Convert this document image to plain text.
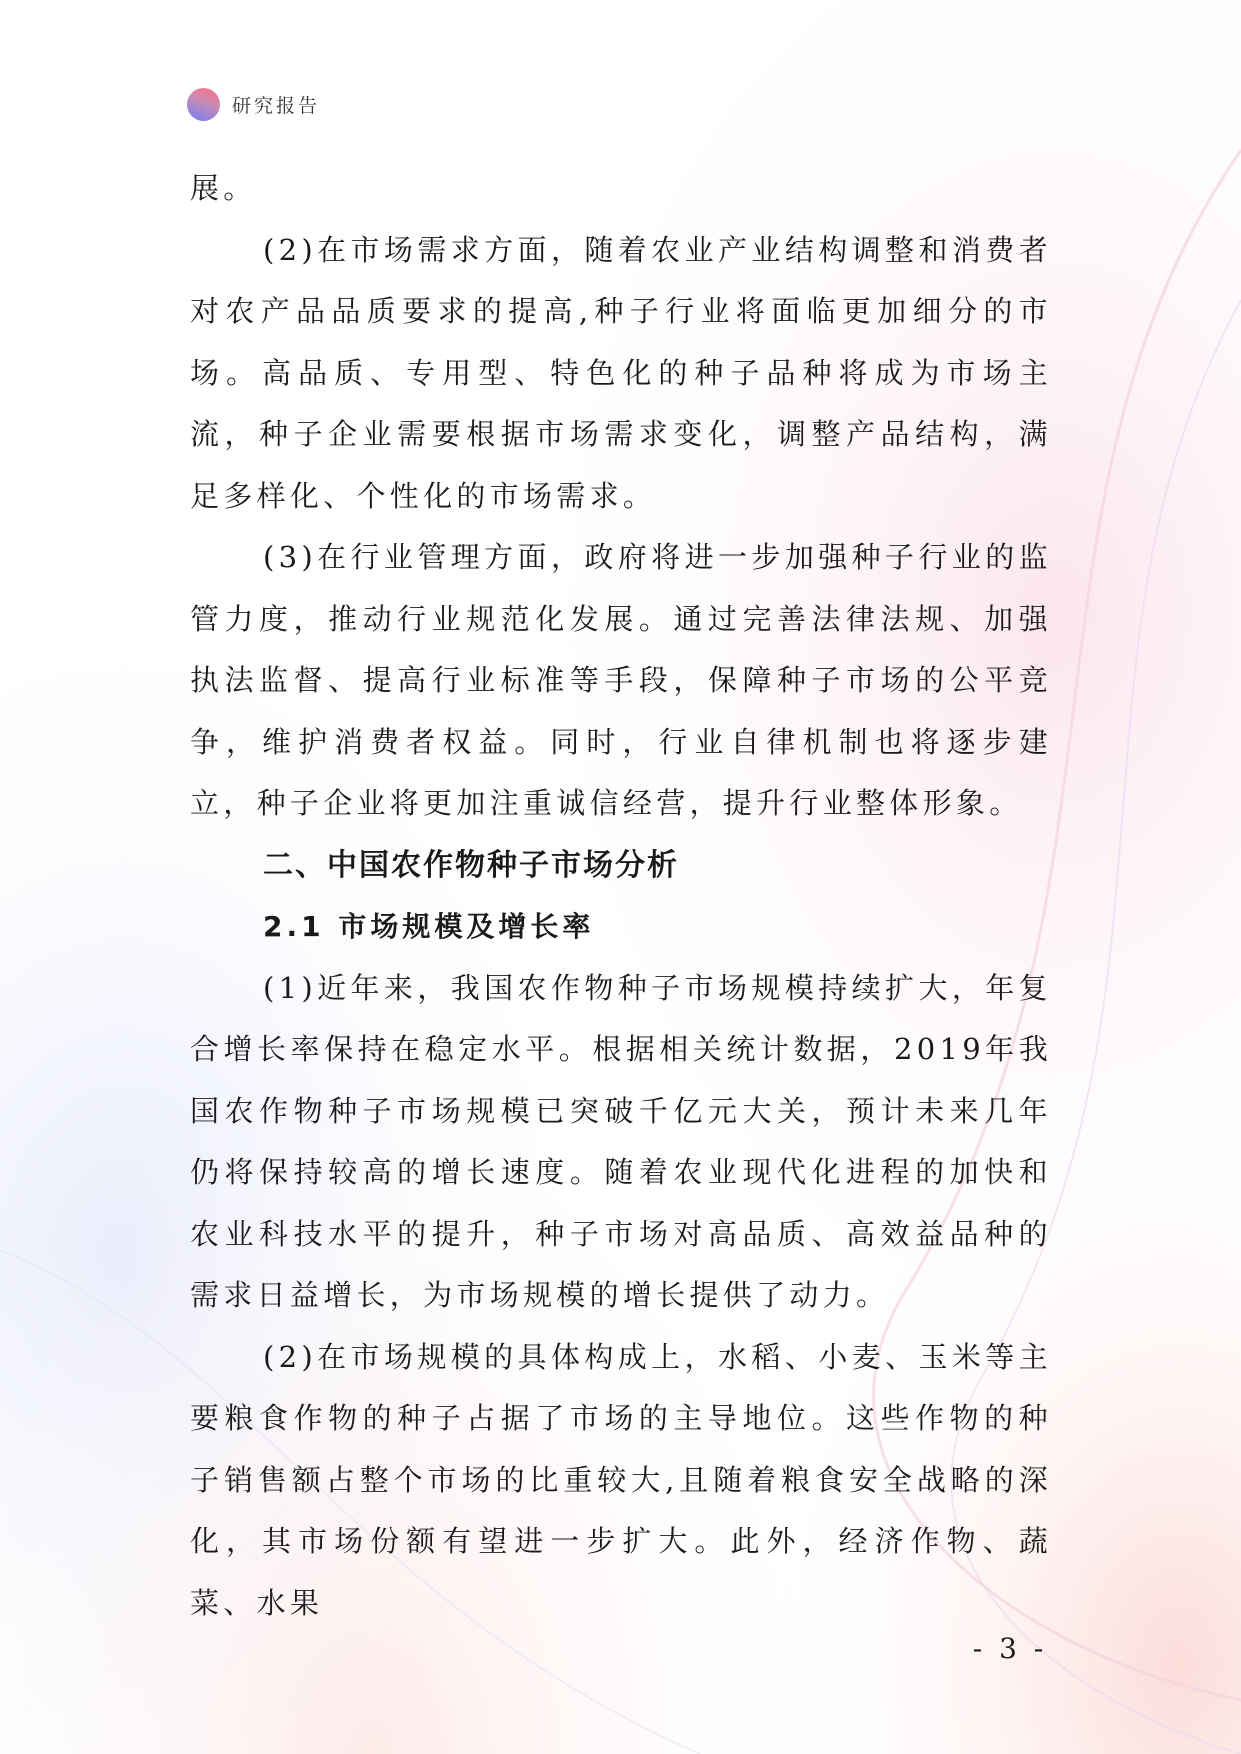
研究报告

展。

(2)在市场需求方面，随着农业产业结构调整和消费者对农产品品质要求的提高,种子行业将面临更加细分的市场。高品质、专用型、特色化的种子品种将成为市场主流，种子企业需要根据市场需求变化，调整产品结构，满足多样化、个性化的市场需求。

(3)在行业管理方面，政府将进一步加强种子行业的监管力度，推动行业规范化发展。通过完善法律法规、加强执法监督、提高行业标准等手段，保障种子市场的公平竞争，维护消费者权益。同时，行业自律机制也将逐步建立，种子企业将更加注重诚信经营，提升行业整体形象。

二、中国农作物种子市场分析
2.1 市场规模及增长率

(1)近年来，我国农作物种子市场规模持续扩大，年复合增长率保持在稳定水平。根据相关统计数据，2019年我国农作物种子市场规模已突破千亿元大关，预计未来几年仍将保持较高的增长速度。随着农业现代化进程的加快和农业科技水平的提升，种子市场对高品质、高效益品种的需求日益增长，为市场规模的增长提供了动力。

(2)在市场规模的具体构成上，水稻、小麦、玉米等主要粮食作物的种子占据了市场的主导地位。这些作物的种子销售额占整个市场的比重较大,且随着粮食安全战略的深化，其市场份额有望进一步扩大。此外，经济作物、蔬菜、水果

- 3 -
